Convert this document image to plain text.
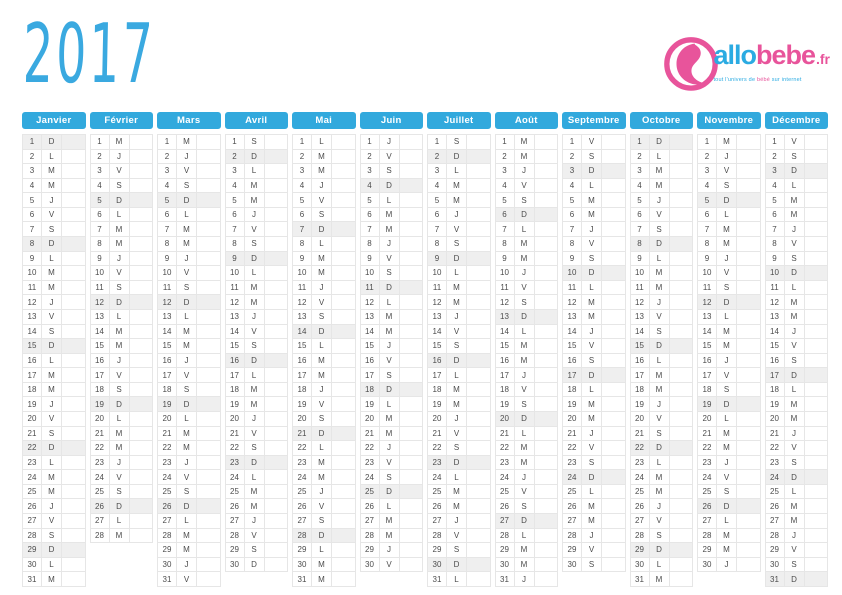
2017	allo bebe .fr
tout l'univers de bébé sur internet
Janvier
1	D
2	L
3	M
4	M
5	J
6	V
7	S
8	D
9	L
10	M
11	M
12	J
13	V
14	S
15	D
16	L
17	M
18	M
19	J
20	V
21	S
22	D
23	L
24	M
25	M
26	J
27	V
28	S
29	D
30	L
31	M
Février
1	M
2	J
3	V
4	S
5	D
6	L
7	M
8	M
9	J
10	V
11	S
12	D
13	L
14	M
15	M
16	J
17	V
18	S
19	D
20	L
21	M
22	M
23	J
24	V
25	S
26	D
27	L
28	M
Mars
1	M
2	J
3	V
4	S
5	D
6	L
7	M
8	M
9	J
10	V
11	S
12	D
13	L
14	M
15	M
16	J
17	V
18	S
19	D
20	L
21	M
22	M
23	J
24	V
25	S
26	D
27	L
28	M
29	M
30	J
31	V
Avril
1	S
2	D
3	L
4	M
5	M
6	J
7	V
8	S
9	D
10	L
11	M
12	M
13	J
14	V
15	S
16	D
17	L
18	M
19	M
20	J
21	V
22	S
23	D
24	L
25	M
26	M
27	J
28	V
29	S
30	D
Mai
1	L
2	M
3	M
4	J
5	V
6	S
7	D
8	L
9	M
10	M
11	J
12	V
13	S
14	D
15	L
16	M
17	M
18	J
19	V
20	S
21	D
22	L
23	M
24	M
25	J
26	V
27	S
28	D
29	L
30	M
31	M
Juin
1	J
2	V
3	S
4	D
5	L
6	M
7	M
8	J
9	V
10	S
11	D
12	L
13	M
14	M
15	J
16	V
17	S
18	D
19	L
20	M
21	M
22	J
23	V
24	S
25	D
26	L
27	M
28	M
29	J
30	V
Juillet
1	S
2	D
3	L
4	M
5	M
6	J
7	V
8	S
9	D
10	L
11	M
12	M
13	J
14	V
15	S
16	D
17	L
18	M
19	M
20	J
21	V
22	S
23	D
24	L
25	M
26	M
27	J
28	V
29	S
30	D
31	L
Août
1	M
2	M
3	J
4	V
5	S
6	D
7	L
8	M
9	M
10	J
11	V
12	S
13	D
14	L
15	M
16	M
17	J
18	V
19	S
20	D
21	L
22	M
23	M
24	J
25	V
26	S
27	D
28	L
29	M
30	M
31	J
Septembre
1	V
2	S
3	D
4	L
5	M
6	M
7	J
8	V
9	S
10	D
11	L
12	M
13	M
14	J
15	V
16	S
17	D
18	L
19	M
20	M
21	J
22	V
23	S
24	D
25	L
26	M
27	M
28	J
29	V
30	S
Octobre
1	D
2	L
3	M
4	M
5	J
6	V
7	S
8	D
9	L
10	M
11	M
12	J
13	V
14	S
15	D
16	L
17	M
18	M
19	J
20	V
21	S
22	D
23	L
24	M
25	M
26	J
27	V
28	S
29	D
30	L
31	M
Novembre
1	M
2	J
3	V
4	S
5	D
6	L
7	M
8	M
9	J
10	V
11	S
12	D
13	L
14	M
15	M
16	J
17	V
18	S
19	D
20	L
21	M
22	M
23	J
24	V
25	S
26	D
27	L
28	M
29	M
30	J
Décembre
1	V
2	S
3	D
4	L
5	M
6	M
7	J
8	V
9	S
10	D
11	L
12	M
13	M
14	J
15	V
16	S
17	D
18	L
19	M
20	M
21	J
22	V
23	S
24	D
25	L
26	M
27	M
28	J
29	V
30	S
31	D
